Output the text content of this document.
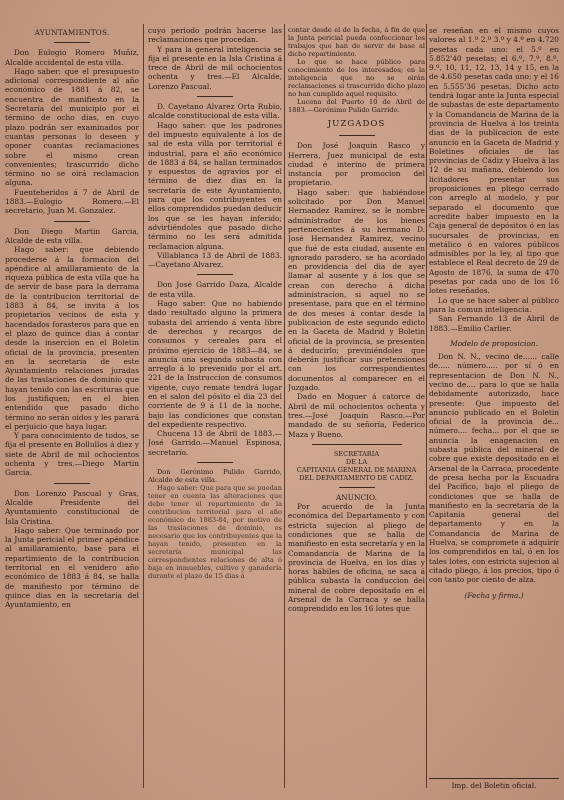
AYUNTAMIENTOS.

Don Eulogio Romero Muñiz, Alcalde accidental de esta villa.

Hago saber: que el presupuesto adicional correspondiente al año económico de 1881 á 82, se encuentra de manifiesto en la Secretaría del municipio por el término de ocho dias, en cuyo plazo podrán ser examinados por cuantas personas lo deseen y oponer cuantas reclamaciones sobre el mismo crean convenientes; trascurrido dicho término no se oirá reclamacion alguna.

Fuenteheridos á 7 de Abril de 1883.—Eulogio Romero.—El secretario, Juan M. Gonzalez.

Don Diego Martin Garcia, Alcalde de esta villa.

Hago saber: que debiendo procederse á la formacion del apéndice al amillaramiento de la riqueza pública de esta villa que ha de servir de base para la derrama de la contribucion territorial de 1883 á 84, se invita á los propietarios vecinos de esta y hacendados forasteros para que en el plazo de quince dias á contar desde la insercion en el Boletin oficial de la provincia, presenten en la secretaría de este Ayuntamiento relaciones juradas de las traslaciones de dominio que hayan tenido con las escrituras que los justifiquen; en el bien entendido que pasado dicho término no serán oidos y les parará el perjuicio que haya lugar.

Y para conocimiento de todos, se fija el presente en Bollullos á diez y siete de Abril de mil ochocientos ochenta y tres.—Diego Martin Garcia.

Don Lorenzo Pascual y Gras, Alcalde Presidente del Ayuntamiento constitucional de Isla Cristina.

Hago saber: Que terminado por la Junta pericial el primer apéndice al amillaramiento, base para el repartimiento de la contribucion territorial en el venidero año económico de 1883 á 84, se halla de manifiesto por término de quince dias en la secretaría del Ayuntamiento, en

cuyo periodo podrán hacerse las reclamaciones que procedan.

Y para la general inteligencia se fija el presente en la Isla Cristina á trece de Abril de mil ochocientos ochenta y tres.—El Alcalde, Lorenzo Pascual.

D. Cayetano Alvarez Orta Rubio, alcalde constitucional de esta villa.

Hago saber: que los padrones del impuesto equivalente á los de sal de esta villa por territorial é industrial, para el año económico de 1883 á 84, se hallan terminados y espuestos de agravios por el término de diez dias en la secretaría de este Ayuntamiento, para que los contribuyentes en ellos comprendidos puedan deducir los que se les hayan inferido; advirtiéndoles que pasado dicho término no les será admitida reclamacion alguna.

Villablanca 13 de Abril de 1883.—Cayetano Alvarez.

Don José Garrido Daza, Alcalde de esta villa.

Hago saber: Que no habiendo dado resultado alguno la primera subasta del arriendo á venta libre de derechos y recargos de consumos y cereales para el próximo ejercicio de 1883—84, se anuncia una segunda subasta con arreglo á lo prevenido por el art. 221 de la Instruccion de consumos vigente, cuyo remate tendrá lugar en el salon del pósito el dia 23 del corriente de 9 á 11 de la noche, bajo las condiciones que constan del expediente respectivo.

Chucena 13 de Abril de 1883.—José Garrido.—Manuel Espinosa, secretario.

Don Gerónimo Pulido Garrido, Alcalde de esta villa.

Hago saber: Que para que se puedan tener en cuenta las alteraciones que debe tener el repartimiento de la contribucion territorial para el año económico de 1883-84, por motivo de las traslaciones de dominio, es necesario que los contribuyentes que la hayan tenido, presenten en la secretaría municipal las correspondientes relaciones de alta ó baja en inmuebles, cultivo y ganadería durante el plazo de 15 dias á

contar desde el de la fecha, á fin de que la Junta pericial pueda confeccionar los trabajos que han de servir de base al dicho repartimiento.

Lo que se hace público para conocimiento de los interesados; en la inteligencia que no se oirán reclamaciones si trascurrido dicho plazo no han cumplido aquel requisito.

Lucena del Puerto 10 de Abril de 1883.—Gerónimo Pulido Garrido.

JUZGADOS

Don José Joaquin Rasco y Herrera, Juez municipal de esta ciudad é interino de primera instancia por promocion del propietario.

Hago saber: que habiéndose solicitado por Don Manuel Hernandez Ramirez, se le nombre administrador de los bienes pertenecientes á su hermano D. José Hernandez Ramirez, vecino que fué de esta ciudad, ausente en ignorado paradero, se ha acordado en providencia del dia de ayer llamar al ausente y á los que se crean con derecho á dicha administracion, si aquel no se presentase, para que en el término de dos meses á contar desde la publicacion de este segundo edicto en la Gaceta de Madrid y Boletin oficial de la provincia, se presenten á deducirlo; previniéndoles que deberán justificar sus pretensiones con los correspondientes documentos al comparecer en el Juzgado.

Dado en Moguer á catorce de Abril de mil ochocientos ochenta y tres.—José Joaquin Rasco.—Por mandado de su señoría, Federico Maza y Bueno.

SECRETARIA

DE LA

CAPITANIA GENERAL DE MARINA

DEL DEPARTAMENTO DE CADIZ.

ANUNCIO.

Por acuerdo de la Junta económica del Departamento y con estricta sujecion al pliego de condiciones que se halla de manifiesto en esta secretaría y en la Comandancia de Marina de la provincia de Huelva, en los dias y horas hábiles de oficina, se saca á pública subasta la conduccion del mineral de cobre depositado en el Arsenal de la Carraca y se halla comprendido en los 16 lotes que

se reseñan en el mismo cuyos valores al 1.º 2.º 3.º y 4.º en 4.720 pesetas cada uno: el 5.º en 5.852'40 pesetas; el 6.º, 7.º, 8.º, 9.º, 10, 11, 12, 13, 14 y 15, en la de 4.650 pesetas cada uno; y el 16 en 5.555'36 pesetas. Dicho acto tendrá lugar ante la Junta especial de subastas de este departamento y la Comandancia de Marina de la provincia de Huelva á los treinta dias de la publicacion de este anuncio en la Gaceta de Madrid y Boletines oficiales de las provincias de Cádiz y Huelva á las 12 de su mañana, debiendo los licitadores presentar sus proposiciones en pliego cerrado con arreglo al modelo, y por separado el documento que acredite haber impuesto en la Caja general de depósitos ó en las sucursales de provincias, en metálico ó en valores públicos admisibles por la ley, al tipo que establece el Real decreto de 29 de Agosto de 1876, la suma de 470 pesetas por cada uno de los 16 lotes reseñados.

Lo que se hace saber al público para la comun inteligencia.

San Fernando 13 de Abril de 1883.—Emilio Carlier.

Modelo de proposicion.

Don N. N., vecino de...... calle de..... número..... por sí ó en representacion de Don N. N., vecino de.... para lo que se halla debidamente autorizado, hace presente: Que impuesto del anuncio publicado en el Boletin oficial de la provincia de... número.... fecha... por el que se anuncia la enagenacion en subasta pública del mineral de cobre que existe depositado en el Arsenal de la Carraca, procedente de presa hecha por la Escuadra del Pacífico, bajo el pliego de condiciones que se halla de manifiesto en la secretaría de la Capitania general del departamento y en la Comandancia de Marina de Huelva, se compromete á adquirir los comprendidos en tal, ó en los tales lotes, con estricta sujecion al citado pliego, á los precios, tipo ó con tanto por ciento de alza.

(Fecha y firma.)

Imp. del Boletin oficial.
